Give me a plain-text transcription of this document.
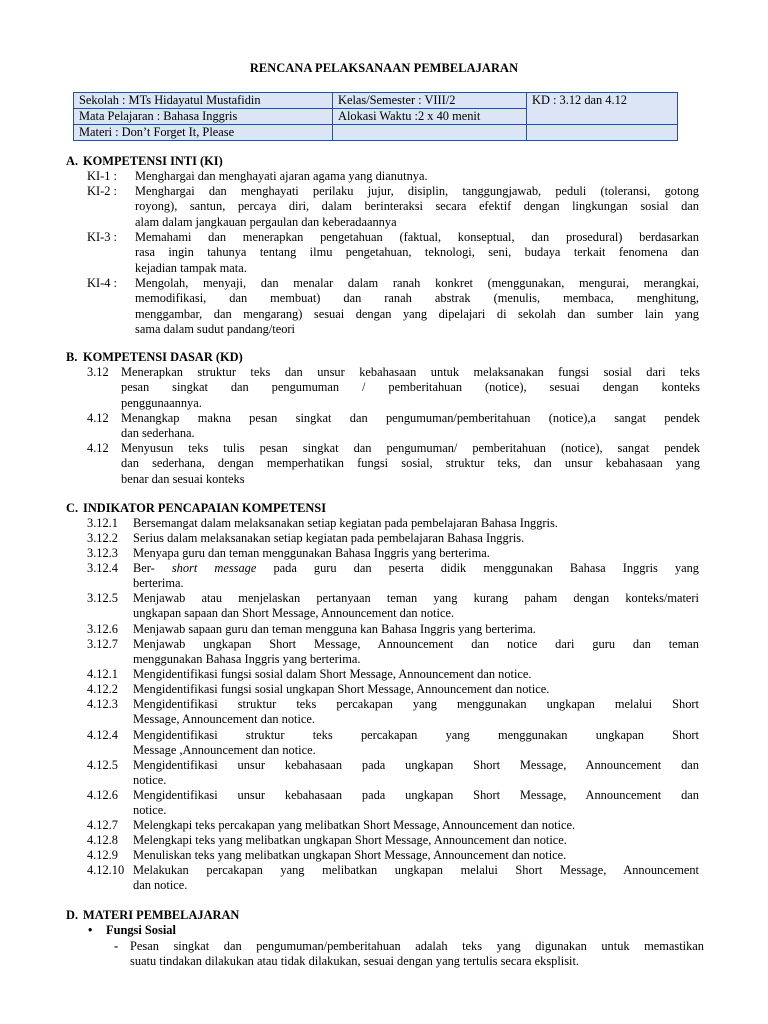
RENCANA PELAKSANAAN PEMBELAJARAN
Sekolah : MTs Hidayatul Mustafidin	Kelas/Semester : VIII/2	KD : 3.12 dan 4.12
Mata Pelajaran : Bahasa Inggris	Alokasi Waktu :2 x 40 menit	
Materi : Don’t Forget It, Please		
A. KOMPETENSI INTI (KI)
KI-1 :	Menghargai dan menghayati ajaran agama yang dianutnya.
KI-2 :	Menghargai dan menghayati perilaku jujur, disiplin, tanggungjawab, peduli (toleransi, gotong
royong), santun, percaya diri, dalam berinteraksi secara efektif dengan lingkungan sosial dan
alam dalam jangkauan pergaulan dan keberadaannya
KI-3 :	Memahami dan menerapkan pengetahuan (faktual, konseptual, dan prosedural) berdasarkan
rasa ingin tahunya tentang ilmu pengetahuan, teknologi, seni, budaya terkait fenomena dan
kejadian tampak mata.
KI-4 :	Mengolah, menyaji, dan menalar dalam ranah konkret (menggunakan, mengurai, merangkai,
memodifikasi, dan membuat) dan ranah abstrak (menulis, membaca, menghitung,
menggambar, dan mengarang) sesuai dengan yang dipelajari di sekolah dan sumber lain yang
sama dalam sudut pandang/teori
B. KOMPETENSI DASAR (KD)
3.12 Menerapkan struktur teks dan unsur kebahasaan untuk melaksanakan fungsi sosial dari teks
pesan singkat dan pengumuman / pemberitahuan (notice), sesuai dengan konteks
penggunaannya.
4.12 Menangkap makna pesan singkat dan pengumuman/pemberitahuan (notice),a sangat pendek
dan sederhana.
4.12 Menyusun teks tulis pesan singkat dan pengumuman/ pemberitahuan (notice), sangat pendek
dan sederhana, dengan memperhatikan fungsi sosial, struktur teks, dan unsur kebahasaan yang
benar dan sesuai konteks
C. INDIKATOR PENCAPAIAN KOMPETENSI
3.12.1	Bersemangat dalam melaksanakan setiap kegiatan pada pembelajaran Bahasa Inggris.
3.12.2	Serius dalam melaksanakan setiap kegiatan pada pembelajaran Bahasa Inggris.
3.12.3	Menyapa guru dan teman menggunakan Bahasa Inggris yang berterima.
3.12.4	Ber- short message pada guru dan peserta didik menggunakan Bahasa Inggris yang
berterima.
3.12.5	Menjawab atau menjelaskan pertanyaan teman yang kurang paham dengan konteks/materi
ungkapan sapaan dan Short Message, Announcement dan notice.
3.12.6	Menjawab sapaan guru dan teman mengguna kan Bahasa Inggris yang berterima.
3.12.7	Menjawab ungkapan Short Message, Announcement dan notice dari guru dan teman
menggunakan Bahasa Inggris yang berterima.
4.12.1	Mengidentifikasi fungsi sosial dalam Short Message, Announcement dan notice.
4.12.2	Mengidentifikasi fungsi sosial ungkapan Short Message, Announcement dan notice.
4.12.3	Mengidentifikasi struktur teks percakapan yang menggunakan ungkapan melalui Short
Message, Announcement dan notice.
4.12.4	Mengidentifikasi struktur teks percakapan yang menggunakan ungkapan Short
Message ,Announcement dan notice.
4.12.5	Mengidentifikasi unsur kebahasaan pada ungkapan Short Message, Announcement dan
notice.
4.12.6	Mengidentifikasi unsur kebahasaan pada ungkapan Short Message, Announcement dan
notice.
4.12.7	Melengkapi teks percakapan yang melibatkan Short Message, Announcement dan notice.
4.12.8	Melengkapi teks yang melibatkan ungkapan Short Message, Announcement dan notice.
4.12.9	Menuliskan teks yang melibatkan ungkapan Short Message, Announcement dan notice.
4.12.10 Melakukan percakapan yang melibatkan ungkapan melalui Short Message, Announcement
dan notice.
D. MATERI PEMBELAJARAN
• Fungsi Sosial
- Pesan singkat dan pengumuman/pemberitahuan adalah teks yang digunakan untuk memastikan
suatu tindakan dilakukan atau tidak dilakukan, sesuai dengan yang tertulis secara eksplisit.
